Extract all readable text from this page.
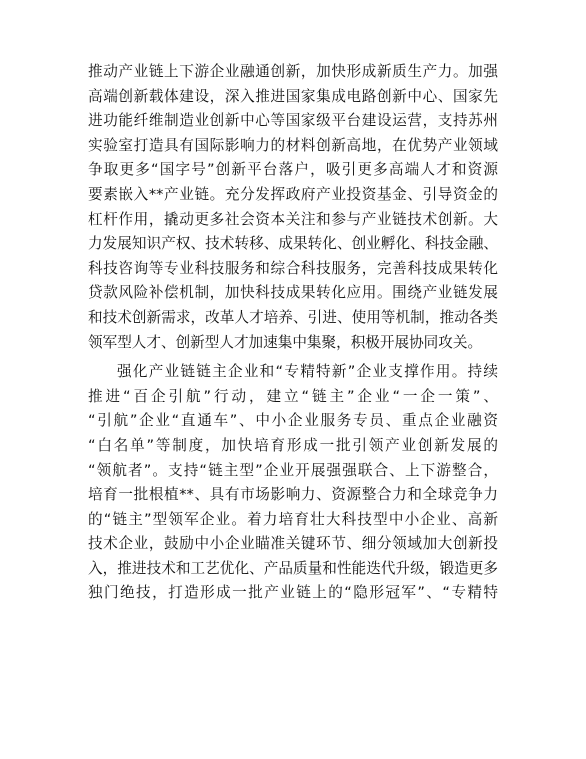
推动产业链上下游企业融通创新，加快形成新质生产力。加强
高端创新载体建设，深入推进国家集成电路创新中心、国家先
进功能纤维制造业创新中心等国家级平台建设运营，支持苏州
实验室打造具有国际影响力的材料创新高地，在优势产业领域
争取更多“国字号”创新平台落户，吸引更多高端人才和资源
要素嵌入**产业链。充分发挥政府产业投资基金、引导资金的
杠杆作用，撬动更多社会资本关注和参与产业链技术创新。大
力发展知识产权、技术转移、成果转化、创业孵化、科技金融、
科技咨询等专业科技服务和综合科技服务，完善科技成果转化
贷款风险补偿机制，加快科技成果转化应用。围绕产业链发展
和技术创新需求，改革人才培养、引进、使用等机制，推动各类
领军型人才、创新型人才加速集中集聚，积极开展协同攻关。
强化产业链链主企业和“专精特新”企业支撑作用。持续
推进“百企引航”行动，建立“链主”企业“一企一策”、
“引航”企业“直通车”、中小企业服务专员、重点企业融资
“白名单”等制度，加快培育形成一批引领产业创新发展的
“领航者”。支持“链主型”企业开展强强联合、上下游整合，
培育一批根植**、具有市场影响力、资源整合力和全球竞争力
的“链主”型领军企业。着力培育壮大科技型中小企业、高新
技术企业，鼓励中小企业瞄准关键环节、细分领域加大创新投
入，推进技术和工艺优化、产品质量和性能迭代升级，锻造更多
独门绝技，打造形成一批产业链上的“隐形冠军”、“专精特
